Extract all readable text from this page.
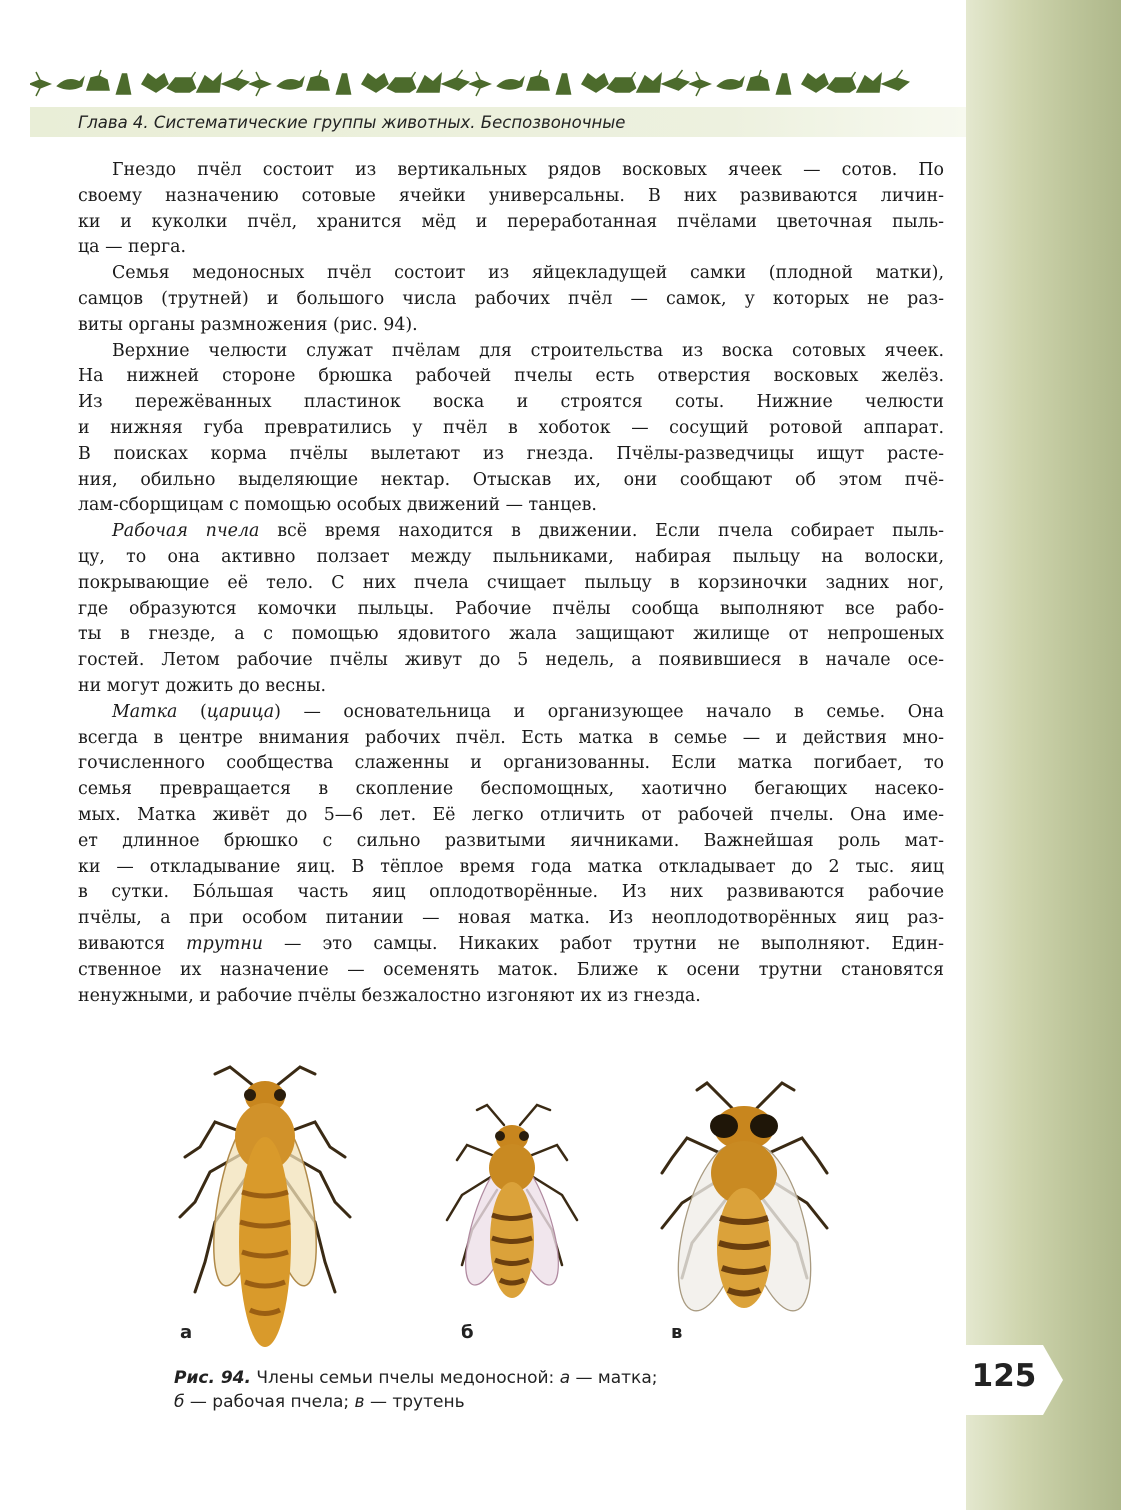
Глава 4. Систематические группы животных. Беспозвоночные

Гнездо пчёл состоит из вертикальных рядов восковых ячеек — сотов. По
своему назначению сотовые ячейки универсальны. В них развиваются личин-
ки и куколки пчёл, хранится мёд и переработанная пчёлами цветочная пыль-
ца — перга.

Семья медоносных пчёл состоит из яйцекладущей самки (плодной матки),
самцов (трутней) и большого числа рабочих пчёл — самок, у которых не раз-
виты органы размножения (рис. 94).

Верхние челюсти служат пчёлам для строительства из воска сотовых ячеек.
На нижней стороне брюшка рабочей пчелы есть отверстия восковых желёз.
Из пережёванных пластинок воска и строятся соты. Нижние челюсти
и нижняя губа превратились у пчёл в хоботок — сосущий ротовой аппарат.
В поисках корма пчёлы вылетают из гнезда. Пчёлы-разведчицы ищут расте-
ния, обильно выделяющие нектар. Отыскав их, они сообщают об этом пчё-
лам-сборщицам с помощью особых движений — танцев.

Рабочая пчела всё время находится в движении. Если пчела собирает пыль-
цу, то она активно ползает между пыльниками, набирая пыльцу на волоски,
покрывающие её тело. С них пчела счищает пыльцу в корзиночки задних ног,
где образуются комочки пыльцы. Рабочие пчёлы сообща выполняют все рабо-
ты в гнезде, а с помощью ядовитого жала защищают жилище от непрошеных
гостей. Летом рабочие пчёлы живут до 5 недель, а появившиеся в начале осе-
ни могут дожить до весны.

Матка (царица) — основательница и организующее начало в семье. Она
всегда в центре внимания рабочих пчёл. Есть матка в семье — и действия мно-
гочисленного сообщества слаженны и организованны. Если матка погибает, то
семья превращается в скопление беспомощных, хаотично бегающих насеко-
мых. Матка живёт до 5—6 лет. Её легко отличить от рабочей пчелы. Она име-
ет длинное брюшко с сильно развитыми яичниками. Важнейшая роль мат-
ки — откладывание яиц. В тёплое время года матка откладывает до 2 тыс. яиц
в сутки. Бóльшая часть яиц оплодотворённые. Из них развиваются рабочие
пчёлы, а при особом питании — новая матка. Из неоплодотворённых яиц раз-
виваются трутни — это самцы. Никаких работ трутни не выполняют. Един-
ственное их назначение — осеменять маток. Ближе к осени трутни становятся
ненужными, и рабочие пчёлы безжалостно изгоняют их из гнезда.

а	б	в
Рис. 94. Члены семьи пчелы медоносной: а — матка;
б — рабочая пчела; в — трутень
125
